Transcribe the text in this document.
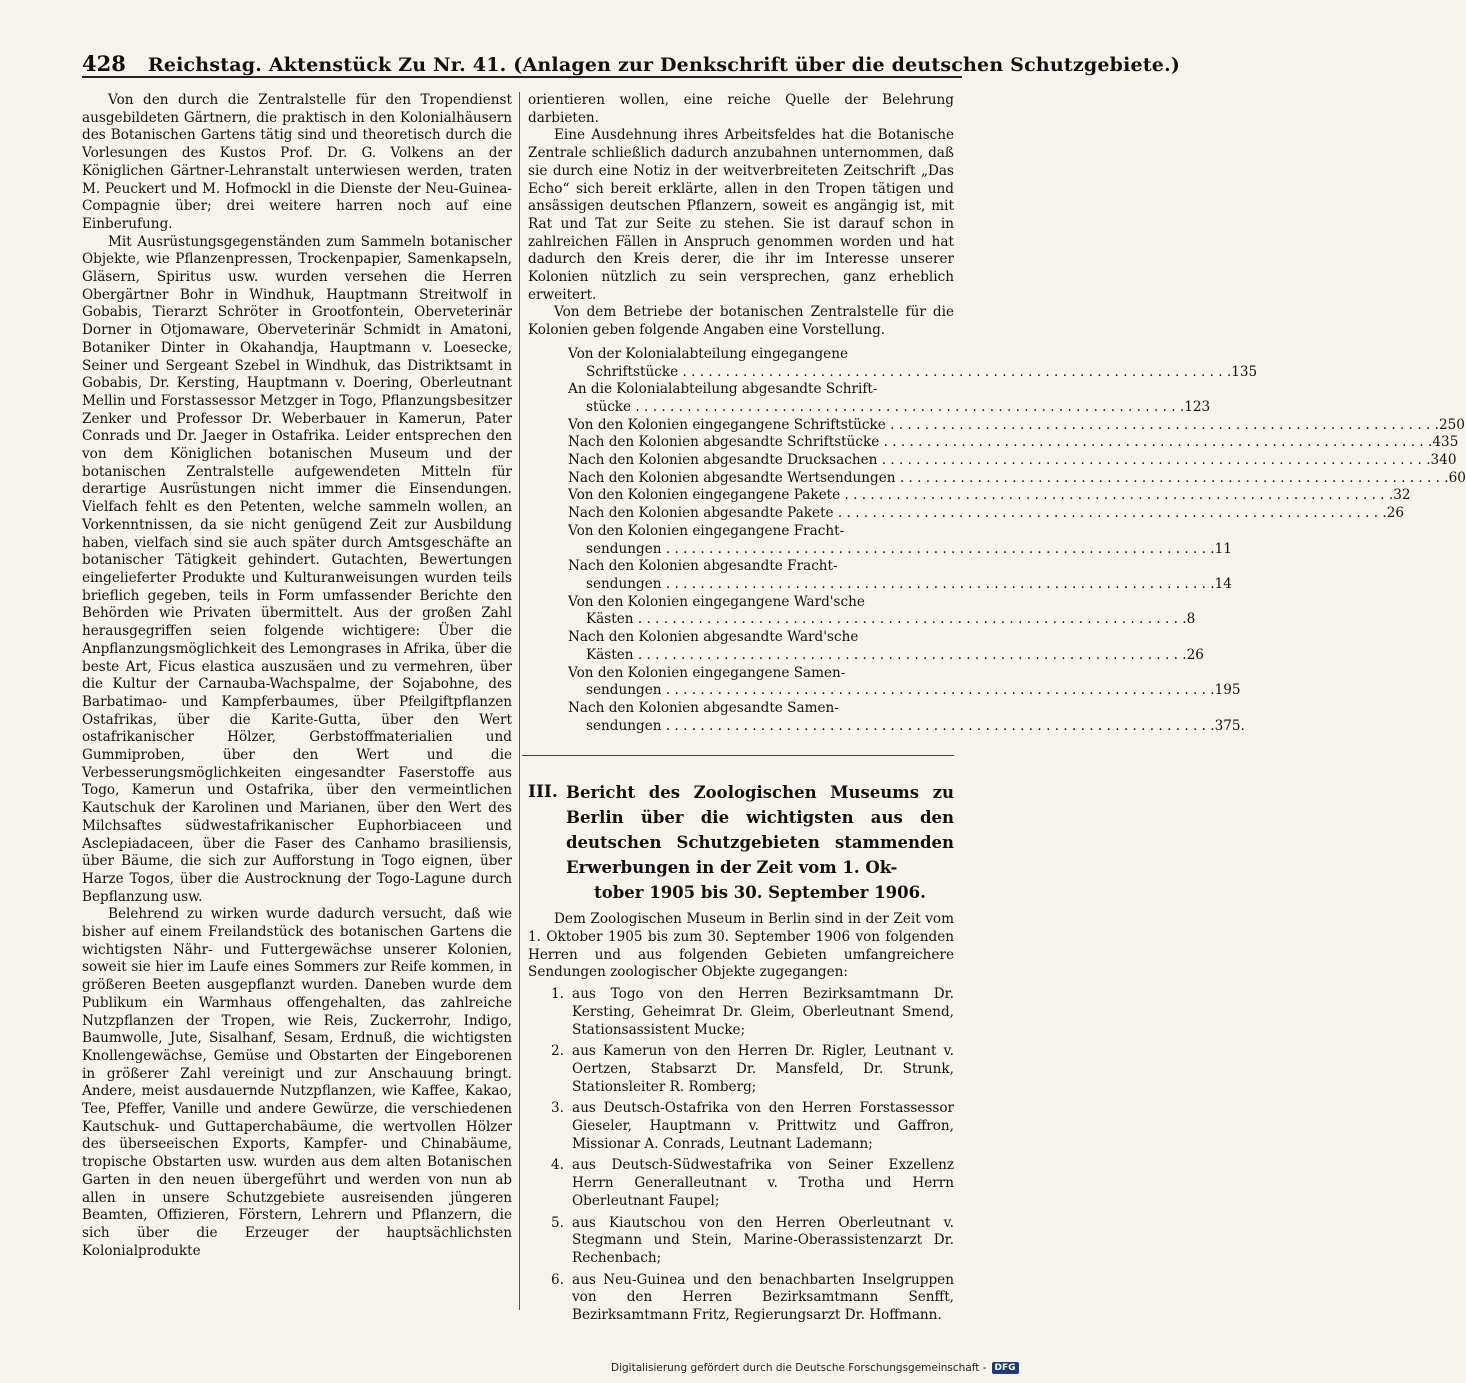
428 Reichstag. Aktenstück Zu Nr. 41. (Anlagen zur Denkschrift über die deutschen Schutzgebiete.)

Von den durch die Zentralstelle für den Tropendienst ausgebildeten Gärtnern, die praktisch in den Kolonialhäusern des Botanischen Gartens tätig sind und theoretisch durch die Vorlesungen des Kustos Prof. Dr. G. Volkens an der Königlichen Gärtner-Lehranstalt unterwiesen werden, traten M. Peuckert und M. Hofmockl in die Dienste der Neu-Guinea-Compagnie über; drei weitere harren noch auf eine Einberufung.

Mit Ausrüstungsgegenständen zum Sammeln botanischer Objekte, wie Pflanzenpressen, Trockenpapier, Samenkapseln, Gläsern, Spiritus usw. wurden versehen die Herren Obergärtner Bohr in Windhuk, Hauptmann Streitwolf in Gobabis, Tierarzt Schröter in Grootfontein, Oberveterinär Dorner in Otjomaware, Oberveterinär Schmidt in Amatoni, Botaniker Dinter in Okahandja, Hauptmann v. Loesecke, Seiner und Sergeant Szebel in Windhuk, das Distriktsamt in Gobabis, Dr. Kersting, Hauptmann v. Doering, Oberleutnant Mellin und Forstassessor Metzger in Togo, Pflanzungsbesitzer Zenker und Professor Dr. Weberbauer in Kamerun, Pater Conrads und Dr. Jaeger in Ostafrika. Leider entsprechen den von dem Königlichen botanischen Museum und der botanischen Zentralstelle aufgewendeten Mitteln für derartige Ausrüstungen nicht immer die Einsendungen. Vielfach fehlt es den Petenten, welche sammeln wollen, an Vorkenntnissen, da sie nicht genügend Zeit zur Ausbildung haben, vielfach sind sie auch später durch Amtsgeschäfte an botanischer Tätigkeit gehindert. Gutachten, Bewertungen eingelieferter Produkte und Kulturanweisungen wurden teils brieflich gegeben, teils in Form umfassender Berichte den Behörden wie Privaten übermittelt. Aus der großen Zahl herausgegriffen seien folgende wichtigere: Über die Anpflanzungsmöglichkeit des Lemongrases in Afrika, über die beste Art, Ficus elastica auszusäen und zu vermehren, über die Kultur der Carnauba-Wachspalme, der Sojabohne, des Barbatimao- und Kampferbaumes, über Pfeilgiftpflanzen Ostafrikas, über die Karite-Gutta, über den Wert ostafrikanischer Hölzer, Gerbstoffmaterialien und Gummiproben, über den Wert und die Verbesserungsmöglichkeiten eingesandter Faserstoffe aus Togo, Kamerun und Ostafrika, über den vermeintlichen Kautschuk der Karolinen und Marianen, über den Wert des Milchsaftes südwestafrikanischer Euphorbiaceen und Asclepiadaceen, über die Faser des Canhamo brasiliensis, über Bäume, die sich zur Aufforstung in Togo eignen, über Harze Togos, über die Austrocknung der Togo-Lagune durch Bepflanzung usw.

Belehrend zu wirken wurde dadurch versucht, daß wie bisher auf einem Freilandstück des botanischen Gartens die wichtigsten Nähr- und Futtergewächse unserer Kolonien, soweit sie hier im Laufe eines Sommers zur Reife kommen, in größeren Beeten ausgepflanzt wurden. Daneben wurde dem Publikum ein Warmhaus offengehalten, das zahlreiche Nutzpflanzen der Tropen, wie Reis, Zuckerrohr, Indigo, Baumwolle, Jute, Sisalhanf, Sesam, Erdnuß, die wichtigsten Knollengewächse, Gemüse und Obstarten der Eingeborenen in größerer Zahl vereinigt und zur Anschauung bringt. Andere, meist ausdauernde Nutzpflanzen, wie Kaffee, Kakao, Tee, Pfeffer, Vanille und andere Gewürze, die verschiedenen Kautschuk- und Guttaperchabäume, die wertvollen Hölzer des überseeischen Exports, Kampfer- und Chinabäume, tropische Obstarten usw. wurden aus dem alten Botanischen Garten in den neuen übergeführt und werden von nun ab allen in unsere Schutzgebiete ausreisenden jüngeren Beamten, Offizieren, Förstern, Lehrern und Pflanzern, die sich über die Erzeuger der hauptsächlichsten Kolonialprodukte

orientieren wollen, eine reiche Quelle der Belehrung darbieten.

Eine Ausdehnung ihres Arbeitsfeldes hat die Botanische Zentrale schließlich dadurch anzubahnen unternommen, daß sie durch eine Notiz in der weitverbreiteten Zeitschrift „Das Echo“ sich bereit erklärte, allen in den Tropen tätigen und ansässigen deutschen Pflanzern, soweit es angängig ist, mit Rat und Tat zur Seite zu stehen. Sie ist darauf schon in zahlreichen Fällen in Anspruch genommen worden und hat dadurch den Kreis derer, die ihr im Interesse unserer Kolonien nützlich zu sein versprechen, ganz erheblich erweitert.

Von dem Betriebe der botanischen Zentralstelle für die Kolonien geben folgende Angaben eine Vorstellung.

Von der Kolonialabteilung eingegangene
Schriftstücke . . .	135
An die Kolonialabteilung abgesandte Schrift-
stücke . . .	123
Von den Kolonien eingegangene Schriftstücke . . .	250
Nach den Kolonien abgesandte Schriftstücke . . .	435
Nach den Kolonien abgesandte Drucksachen . . .	340
Nach den Kolonien abgesandte Wertsendungen . . .	60
Von den Kolonien eingegangene Pakete . . .	32
Nach den Kolonien abgesandte Pakete . . .	26
Von den Kolonien eingegangene Fracht-
sendungen . . .	11
Nach den Kolonien abgesandte Fracht-
sendungen . . .	14
Von den Kolonien eingegangene Ward'sche
Kästen . . .	8
Nach den Kolonien abgesandte Ward'sche
Kästen . . .	26
Von den Kolonien eingegangene Samen-
sendungen . . .	195
Nach den Kolonien abgesandte Samen-
sendungen . . .	375.
III. Bericht des Zoologischen Museums zu Berlin über die wichtigsten aus den deutschen Schutzgebieten stammenden Erwerbungen in der Zeit vom 1. Ok-
tober 1905 bis 30. September 1906.

Dem Zoologischen Museum in Berlin sind in der Zeit vom 1. Oktober 1905 bis zum 30. September 1906 von folgenden Herren und aus folgenden Gebieten umfangreichere Sendungen zoologischer Objekte zugegangen:

1. aus Togo von den Herren Bezirksamtmann Dr. Kersting, Geheimrat Dr. Gleim, Oberleutnant Smend, Stationsassistent Mucke;
2. aus Kamerun von den Herren Dr. Rigler, Leutnant v. Oertzen, Stabsarzt Dr. Mansfeld, Dr. Strunk, Stationsleiter R. Romberg;
3. aus Deutsch-Ostafrika von den Herren Forstassessor Gieseler, Hauptmann v. Prittwitz und Gaffron, Missionar A. Conrads, Leutnant Lademann;
4. aus Deutsch-Südwestafrika von Seiner Exzellenz Herrn Generalleutnant v. Trotha und Herrn Oberleutnant Faupel;
5. aus Kiautschou von den Herren Oberleutnant v. Stegmann und Stein, Marine-Oberassistenzarzt Dr. Rechenbach;
6. aus Neu-Guinea und den benachbarten Inselgruppen von den Herren Bezirksamtmann Senfft, Bezirksamtmann Fritz, Regierungsarzt Dr. Hoffmann.
Digitalisierung gefördert durch die Deutsche Forschungsgemeinschaft - DFG
